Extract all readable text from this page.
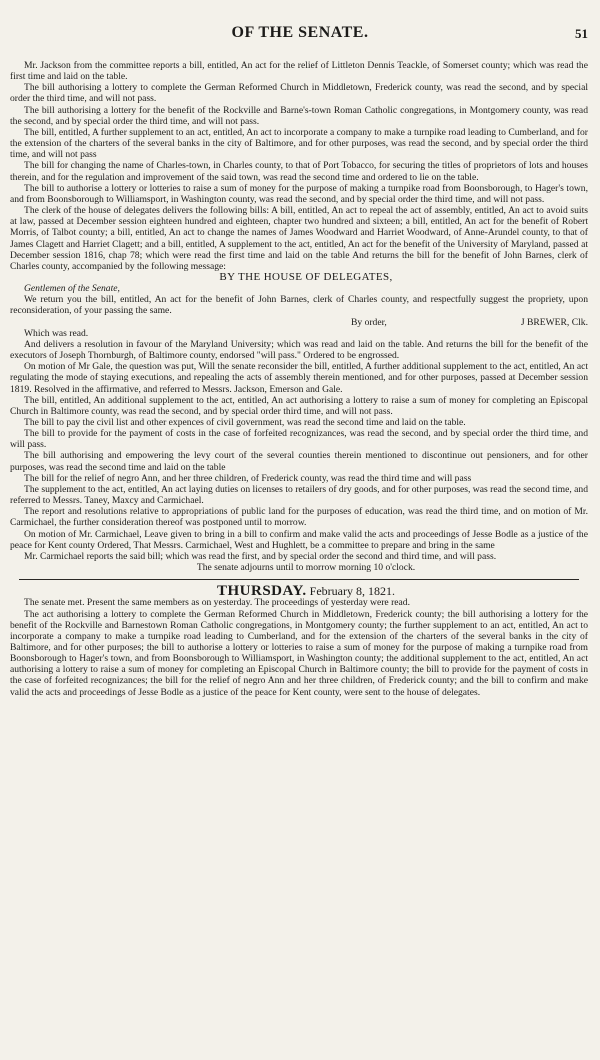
OF THE SENATE.	51

Mr. Jackson from the committee reports a bill, entitled, An act for the relief of Littleton Dennis Teackle, of Somerset county; which was read the first time and laid on the table.

The bill authorising a lottery to complete the German Reformed Church in Middletown, Frederick county, was read the second, and by special order the third time, and will not pass.

The bill authorising a lottery for the benefit of the Rockville and Barne's-town Roman Catholic congregations, in Montgomery county, was read the second, and by special order the third time, and will not pass.

The bill, entitled, A further supplement to an act, entitled, An act to incorporate a company to make a turnpike road leading to Cumberland, and for the extension of the charters of the several banks in the city of Baltimore, and for other purposes, was read the second, and by special order the third time, and will not pass

The bill for changing the name of Charles-town, in Charles county, to that of Port Tobacco, for securing the titles of proprietors of lots and houses therein, and for the regulation and improvement of the said town, was read the second time and ordered to lie on the table.

The bill to authorise a lottery or lotteries to raise a sum of money for the purpose of making a turnpike road from Boonsborough, to Hager's town, and from Boonsborough to Williamsport, in Washington county, was read the second, and by special order the third time, and will not pass.

The clerk of the house of delegates delivers the following bills: A bill, entitled, An act to repeal the act of assembly, entitled, An act to avoid suits at law, passed at December session eighteen hundred and eighteen, chapter two hundred and sixteen; a bill, entitled, An act for the benefit of Robert Morris, of Talbot county; a bill, entitled, An act to change the names of James Woodward and Harriet Woodward, of Anne-Arundel county, to that of James Clagett and Harriet Clagett; and a bill, entitled, A supplement to the act, entitled, An act for the benefit of the University of Maryland, passed at December session 1816, chap 78; which were read the first time and laid on the table And returns the bill for the benefit of John Barnes, clerk of Charles county, accompanied by the following message:

BY THE HOUSE OF DELEGATES,

Gentlemen of the Senate,

We return you the bill, entitled, An act for the benefit of John Barnes, clerk of Charles county, and respectfully suggest the propriety, upon reconsideration, of your passing the same.

By order,	J BREWER, Clk.

Which was read.

And delivers a resolution in favour of the Maryland University; which was read and laid on the table. And returns the bill for the benefit of the executors of Joseph Thornburgh, of Baltimore county, endorsed "will pass." Ordered to be engrossed.

On motion of Mr Gale, the question was put, Will the senate reconsider the bill, entitled, A further additional supplement to the act, entitled, An act regulating the mode of staying executions, and repealing the acts of assembly therein mentioned, and for other purposes, passed at December session 1819. Resolved in the affirmative, and referred to Messrs. Jackson, Emerson and Gale.

The bill, entitled, An additional supplement to the act, entitled, An act authorising a lottery to raise a sum of money for completing an Episcopal Church in Baltimore county, was read the second, and by special order third time, and will not pass.

The bill to pay the civil list and other expences of civil government, was read the second time and laid on the table.

The bill to provide for the payment of costs in the case of forfeited recognizances, was read the second, and by special order the third time, and will pass.

The bill authorising and empowering the levy court of the several counties therein mentioned to discontinue out pensioners, and for other purposes, was read the second time and laid on the table

The bill for the relief of negro Ann, and her three children, of Frederick county, was read the third time and will pass

The supplement to the act, entitled, An act laying duties on licenses to retailers of dry goods, and for other purposes, was read the second time, and referred to Messrs. Taney, Maxcy and Carmichael.

The report and resolutions relative to appropriations of public land for the purposes of education, was read the third time, and on motion of Mr. Carmichael, the further consideration thereof was postponed until to morrow.

On motion of Mr. Carmichael, Leave given to bring in a bill to confirm and make valid the acts and proceedings of Jesse Bodle as a justice of the peace for Kent county Ordered, That Messrs. Carmichael, West and Hughlett, be a committee to prepare and bring in the same

Mr. Carmichael reports the said bill; which was read the first, and by special order the second and third time, and will pass.

The senate adjourns until to morrow morning 10 o'clock.

THURSDAY. February 8, 1821.

The senate met. Present the same members as on yesterday. The proceedings of yesterday were read.

The act authorising a lottery to complete the German Reformed Church in Middletown, Frederick county; the bill authorising a lottery for the benefit of the Rockville and Barnestown Roman Catholic congregations, in Montgomery county; the further supplement to an act, entitled, An act to incorporate a company to make a turnpike road leading to Cumberland, and for the extension of the charters of the several banks in the city of Baltimore, and for other purposes; the bill to authorise a lottery or lotteries to raise a sum of money for the purpose of making a turnpike road from Boonsborough to Hager's town, and from Boonsborough to Williamsport, in Washington county; the additional supplement to the act, entitled, An act authorising a lottery to raise a sum of money for completing an Episcopal Church in Baltimore county; the bill to provide for the payment of costs in the case of forfeited recognizances; the bill for the relief of negro Ann and her three children, of Frederick county; and the bill to confirm and make valid the acts and proceedings of Jesse Bodle as a justice of the peace for Kent county, were sent to the house of delegates.
